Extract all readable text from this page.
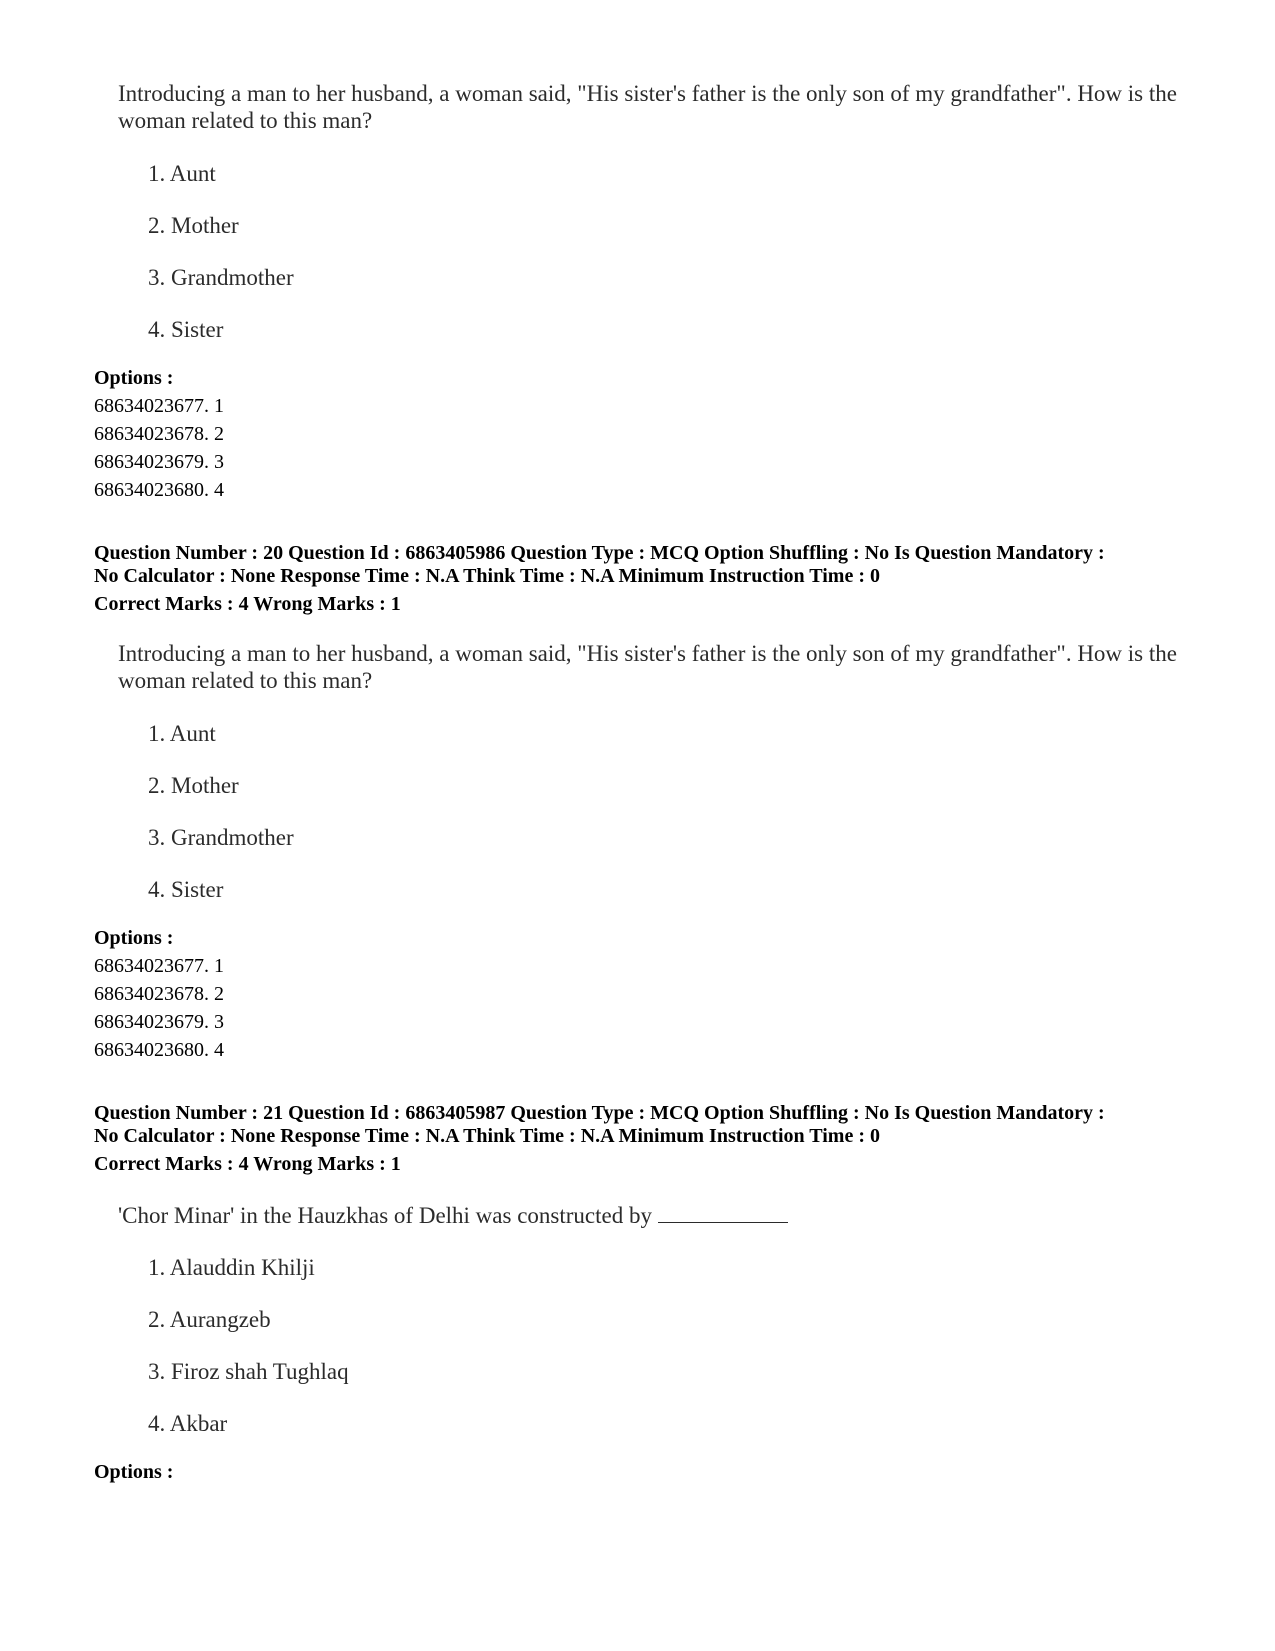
Introducing a man to her husband, a woman said, "His sister's father is the only son of my grandfather". How is the woman related to this man?
1. Aunt
2. Mother
3. Grandmother
4. Sister
Options :
68634023677. 1
68634023678. 2
68634023679. 3
68634023680. 4
Question Number : 20 Question Id : 6863405986 Question Type : MCQ Option Shuffling : No Is Question Mandatory :
No Calculator : None Response Time : N.A Think Time : N.A Minimum Instruction Time : 0
Correct Marks : 4 Wrong Marks : 1
Introducing a man to her husband, a woman said, "His sister's father is the only son of my grandfather". How is the woman related to this man?
1. Aunt
2. Mother
3. Grandmother
4. Sister
Options :
68634023677. 1
68634023678. 2
68634023679. 3
68634023680. 4
Question Number : 21 Question Id : 6863405987 Question Type : MCQ Option Shuffling : No Is Question Mandatory :
No Calculator : None Response Time : N.A Think Time : N.A Minimum Instruction Time : 0
Correct Marks : 4 Wrong Marks : 1
'Chor Minar' in the Hauzkhas of Delhi was constructed by
1. Alauddin Khilji
2. Aurangzeb
3. Firoz shah Tughlaq
4. Akbar
Options :
